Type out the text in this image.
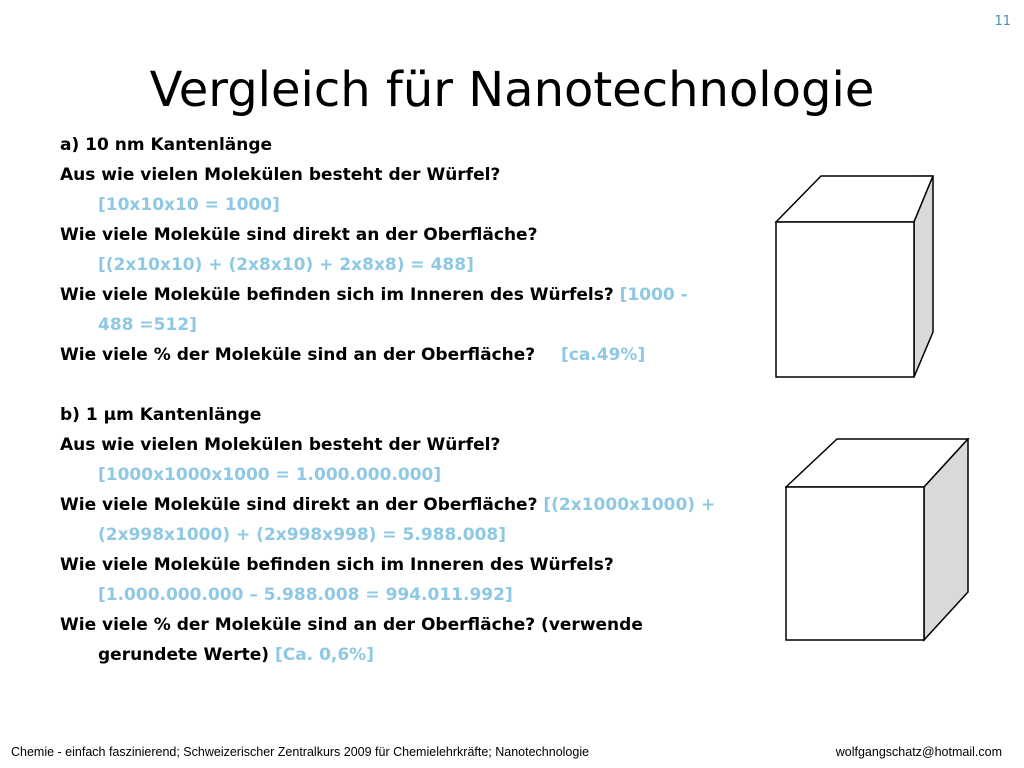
11
Vergleich für Nanotechnologie

a) 10 nm Kantenlänge

Aus wie vielen Molekülen besteht der Würfel?
[10x10x10 = 1000]

Wie viele Moleküle sind direkt an der Oberfläche?
[(2x10x10) + (2x8x10) + 2x8x8) = 488]

Wie viele Moleküle befinden sich im Inneren des Würfels? [1000 -
488 =512]

Wie viele % der Moleküle sind an der Oberfläche? [ca.49%]

b) 1 µm Kantenlänge

Aus wie vielen Molekülen besteht der Würfel?
[1000x1000x1000 = 1.000.000.000]

Wie viele Moleküle sind direkt an der Oberfläche? [(2x1000x1000) +
(2x998x1000) + (2x998x998) = 5.988.008]

Wie viele Moleküle befinden sich im Inneren des Würfels?
[1.000.000.000 – 5.988.008 = 994.011.992]

Wie viele % der Moleküle sind an der Oberfläche? (verwende
gerundete Werte) [Ca. 0,6%]

Chemie - einfach faszinierend; Schweizerischer Zentralkurs 2009 für Chemielehrkräfte; Nanotechnologie	wolfgangschatz@hotmail.com
